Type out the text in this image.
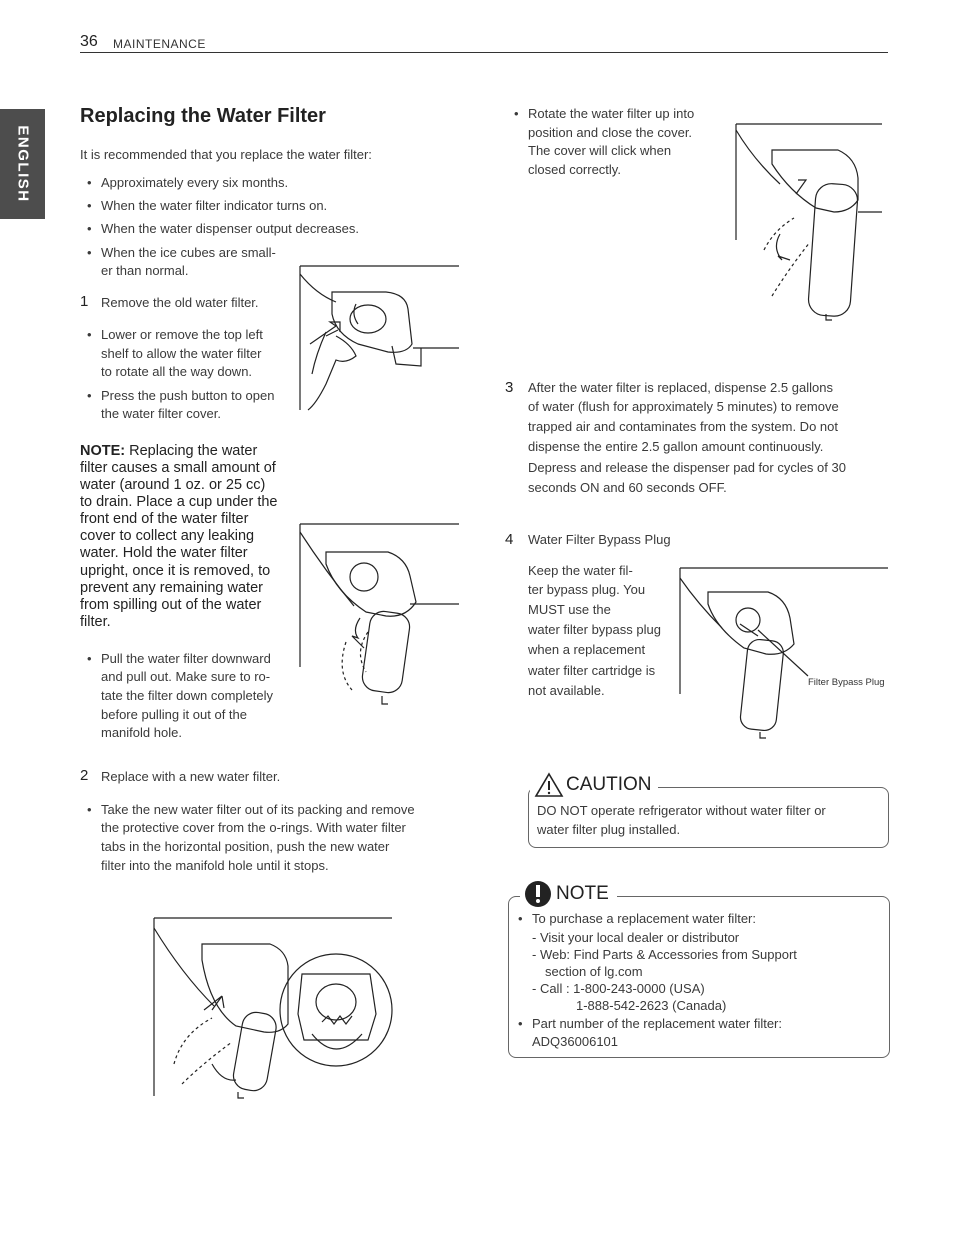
36 MAINTENANCE
ENGLISH
Replacing the Water Filter
It is recommended that you replace the water filter:
• Approximately every six months.
• When the water filter indicator turns on.
• When the water dispenser output decreases.
• When the ice cubes are small-
er than normal.
1 Remove the old water filter.
• Lower or remove the top left
shelf to allow the water filter
to rotate all the way down.
• Press the push button to open
the water filter cover.
NOTE: Replacing the water
filter causes a small amount of
water (around 1 oz. or 25 cc)
to drain. Place a cup under the
front end of the water filter
cover to collect any leaking
water. Hold the water filter
upright, once it is removed, to
prevent any remaining water
from spilling out of the water
filter.
• Pull the water filter downward
and pull out. Make sure to ro-
tate the filter down completely
before pulling it out of the
manifold hole.
2 Replace with a new water filter.
• Take the new water filter out of its packing and remove
the protective cover from the o-rings. With water filter
tabs in the horizontal position, push the new water
filter into the manifold hole until it stops.
• Rotate the water filter up into
position and close the cover.
The cover will click when
closed correctly.
3 After the water filter is replaced, dispense 2.5 gallons
of water (flush for approximately 5 minutes) to remove
trapped air and contaminates from the system. Do not
dispense the entire 2.5 gallon amount continuously.
Depress and release the dispenser pad for cycles of 30
seconds ON and 60 seconds OFF.
4 Water Filter Bypass Plug
Keep the water fil-
ter bypass plug. You
MUST use the
water filter bypass plug
when a replacement
water filter cartridge is
not available.
Filter Bypass Plug
CAUTION
DO NOT operate refrigerator without water filter or
water filter plug installed.
NOTE
• To purchase a replacement water filter:
- Visit your local dealer or distributor
- Web: Find Parts & Accessories from Support
section of lg.com
- Call : 1-800-243-0000 (USA)
1-888-542-2623 (Canada)
• Part number of the replacement water filter:
ADQ36006101
